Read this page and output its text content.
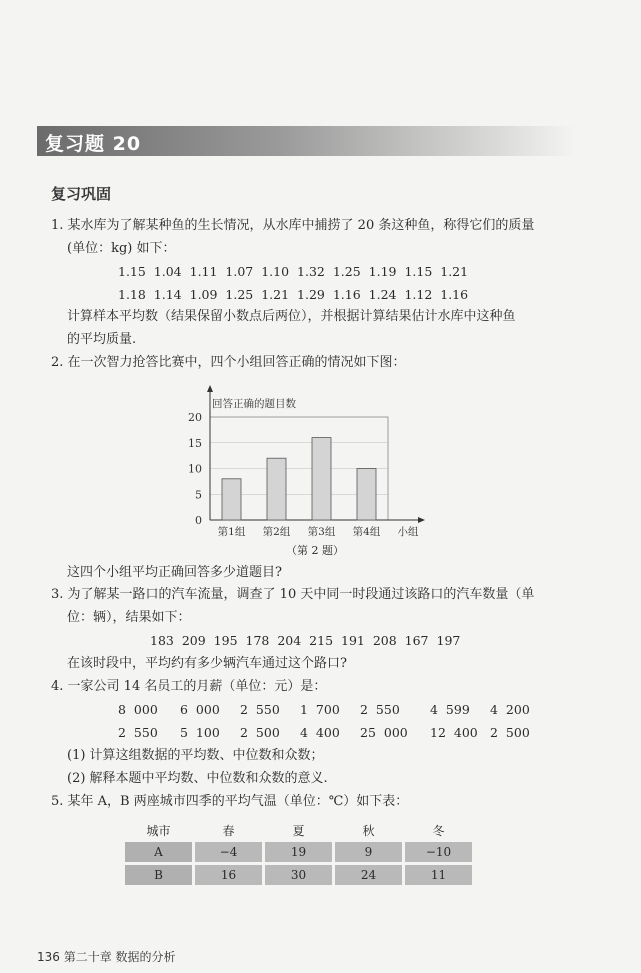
复习题 20
复习巩固
1. 某水库为了解某种鱼的生长情况，从水库中捕捞了 20 条这种鱼，称得它们的质量
(单位：kg) 如下：
1.15 1.04 1.11 1.07 1.10 1.32 1.25 1.19 1.15 1.21
1.18 1.14 1.09 1.25 1.21 1.29 1.16 1.24 1.12 1.16
计算样本平均数（结果保留小数点后两位），并根据计算结果估计水库中这种鱼
的平均质量.
2. 在一次智力抢答比赛中，四个小组回答正确的情况如下图：
0
5
10
15
20
回答正确的题目数
第1组 第2组 第3组 第4组 小组
（第 2 题）
这四个小组平均正确回答多少道题目?
3. 为了解某一路口的汽车流量，调查了 10 天中同一时段通过该路口的汽车数量（单
位：辆），结果如下：
183 209 195 178 204 215 191 208 167 197
在该时段中，平均约有多少辆汽车通过这个路口?
4. 一家公司 14 名员工的月薪（单位：元）是：
8 000 6 000 2 550 1 700 2 550 4 599 4 200
2 550 5 100 2 500 4 400 25 000 12 400 2 500
(1) 计算这组数据的平均数、中位数和众数；
(2) 解释本题中平均数、中位数和众数的意义.
5. 某年 A，B 两座城市四季的平均气温（单位：℃）如下表：
城市	春	夏	秋	冬
A	−4	19	9	−10
B	16	30	24	11
136 第二十章 数据的分析
